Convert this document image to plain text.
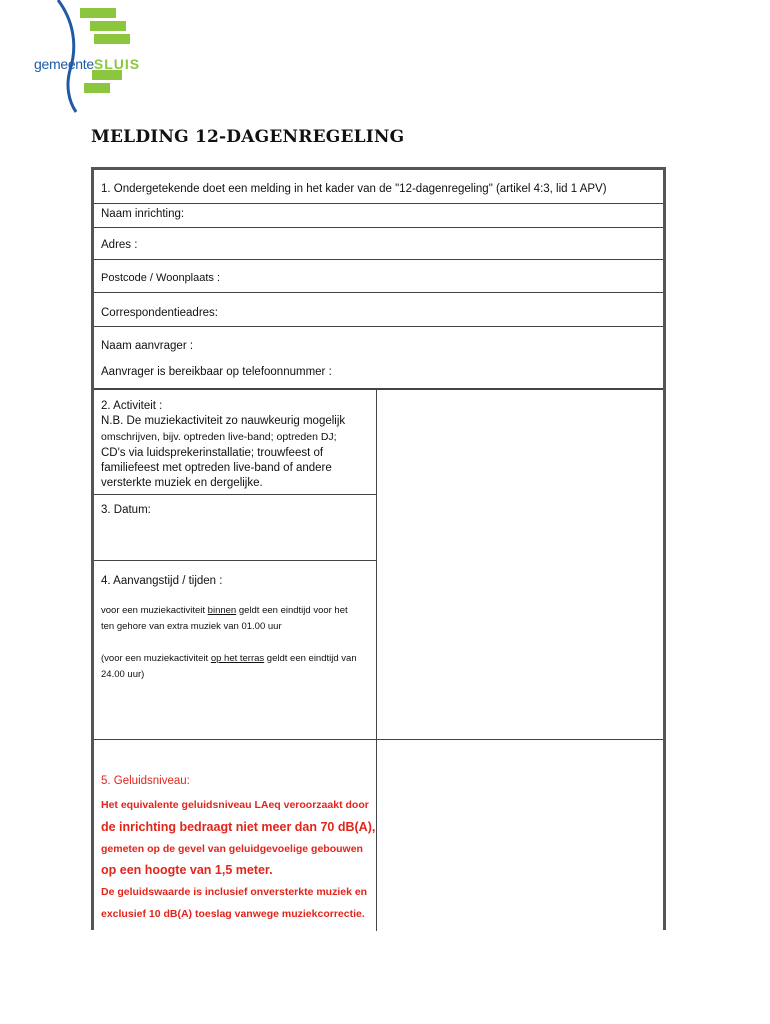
gemeenteSLUIS
MELDING 12-DAGENREGELING
1. Ondergetekende doet een melding in het kader van de "12-dagenregeling" (artikel 4:3, lid 1 APV)
Naam inrichting:
Adres :
Postcode / Woonplaats :
Correspondentieadres:
Naam aanvrager :
Aanvrager is bereikbaar op telefoonnummer :
2. Activiteit :
N.B. De muziekactiviteit zo nauwkeurig mogelijk
omschrijven, bijv. optreden live-band; optreden DJ;
CD's via luidsprekerinstallatie; trouwfeest of
familiefeest met optreden live-band of andere
versterkte muziek en dergelijke.
3. Datum:
4. Aanvangstijd / tijden :
voor een muziekactiviteit binnen geldt een eindtijd voor het
ten gehore van extra muziek van 01.00 uur
(voor een muziekactiviteit op het terras geldt een eindtijd van
24.00 uur)
5. Geluidsniveau:
Het equivalente geluidsniveau LAeq veroorzaakt door
de inrichting bedraagt niet meer dan 70 dB(A),
gemeten op de gevel van geluidgevoelige gebouwen
op een hoogte van 1,5 meter.
De geluidswaarde is inclusief onversterkte muziek en
exclusief 10 dB(A) toeslag vanwege muziekcorrectie.
